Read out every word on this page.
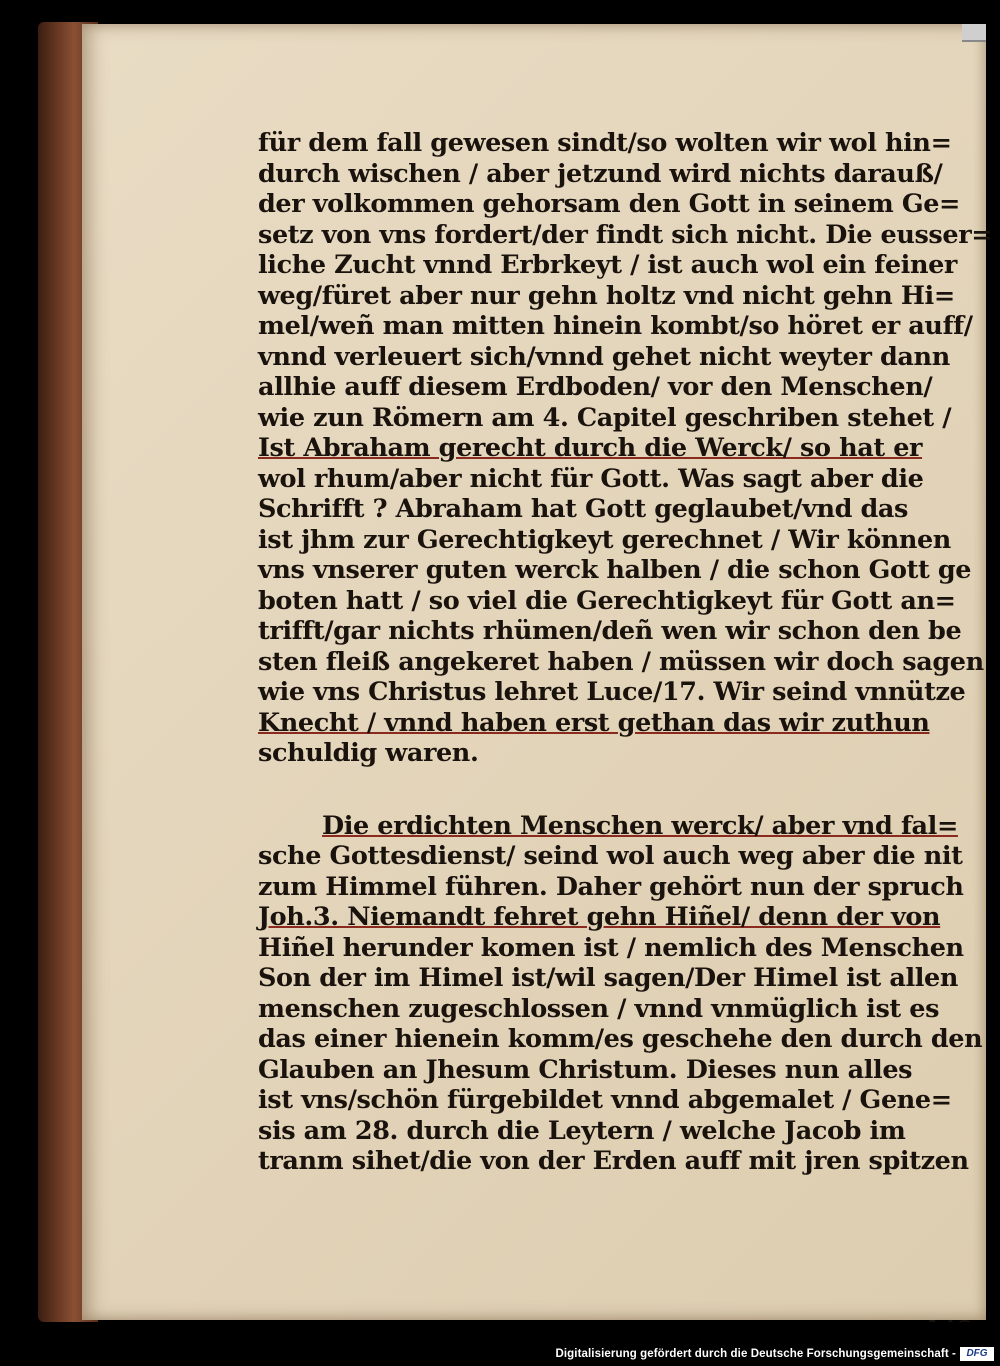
für dem fall gewesen sindt/so wolten wir wol hin=
durch wischen / aber jetzund wird nichts darauß/
der volkommen gehorsam den Gott in seinem Ge=
setz von vns fordert/der findt sich nicht. Die eusser=
liche Zucht vnnd Erbrkeyt / ist auch wol ein feiner
weg/füret aber nur gehn holtz vnd nicht gehn Hi=
mel/weñ man mitten hinein kombt/so höret er auff/
vnnd verleuert sich/vnnd gehet nicht weyter dann
allhie auff diesem Erdboden/ vor den Menschen/
wie zun Römern am 4. Capitel geschriben stehet /
Ist Abraham gerecht durch die Werck/ so hat er
wol rhum/aber nicht für Gott. Was sagt aber die
Schrifft ? Abraham hat Gott geglaubet/vnd das
ist jhm zur Gerechtigkeyt gerechnet / Wir können
vns vnserer guten werck halben / die schon Gott ge
boten hatt / so viel die Gerechtigkeyt für Gott an=
trifft/gar nichts rhümen/deñ wen wir schon den be
sten fleiß angekeret haben / müssen wir doch sagen
wie vns Christus lehret Luce/17. Wir seind vnnütze
Knecht / vnnd haben erst gethan das wir zuthun
schuldig waren.
Die erdichten Menschen werck/ aber vnd fal=
sche Gottesdienst/ seind wol auch weg aber die nit
zum Himmel führen. Daher gehört nun der spruch
Joh.3. Niemandt fehret gehn Hiñel/ denn der von
Hiñel herunder komen ist / nemlich des Menschen
Son der im Himel ist/wil sagen/Der Himel ist allen
menschen zugeschlossen / vnnd vnmüglich ist es
das einer hienein komm/es geschehe den durch den
Glauben an Jhesum Christum. Dieses nun alles
ist vns/schön fürgebildet vnnd abgemalet / Gene=
sis am 28. durch die Leytern / welche Jacob im
tranm sihet/die von der Erden auff mit jren spitzen
Digitalisierung gefördert durch die Deutsche Forschungsgemeinschaft -	DFG
